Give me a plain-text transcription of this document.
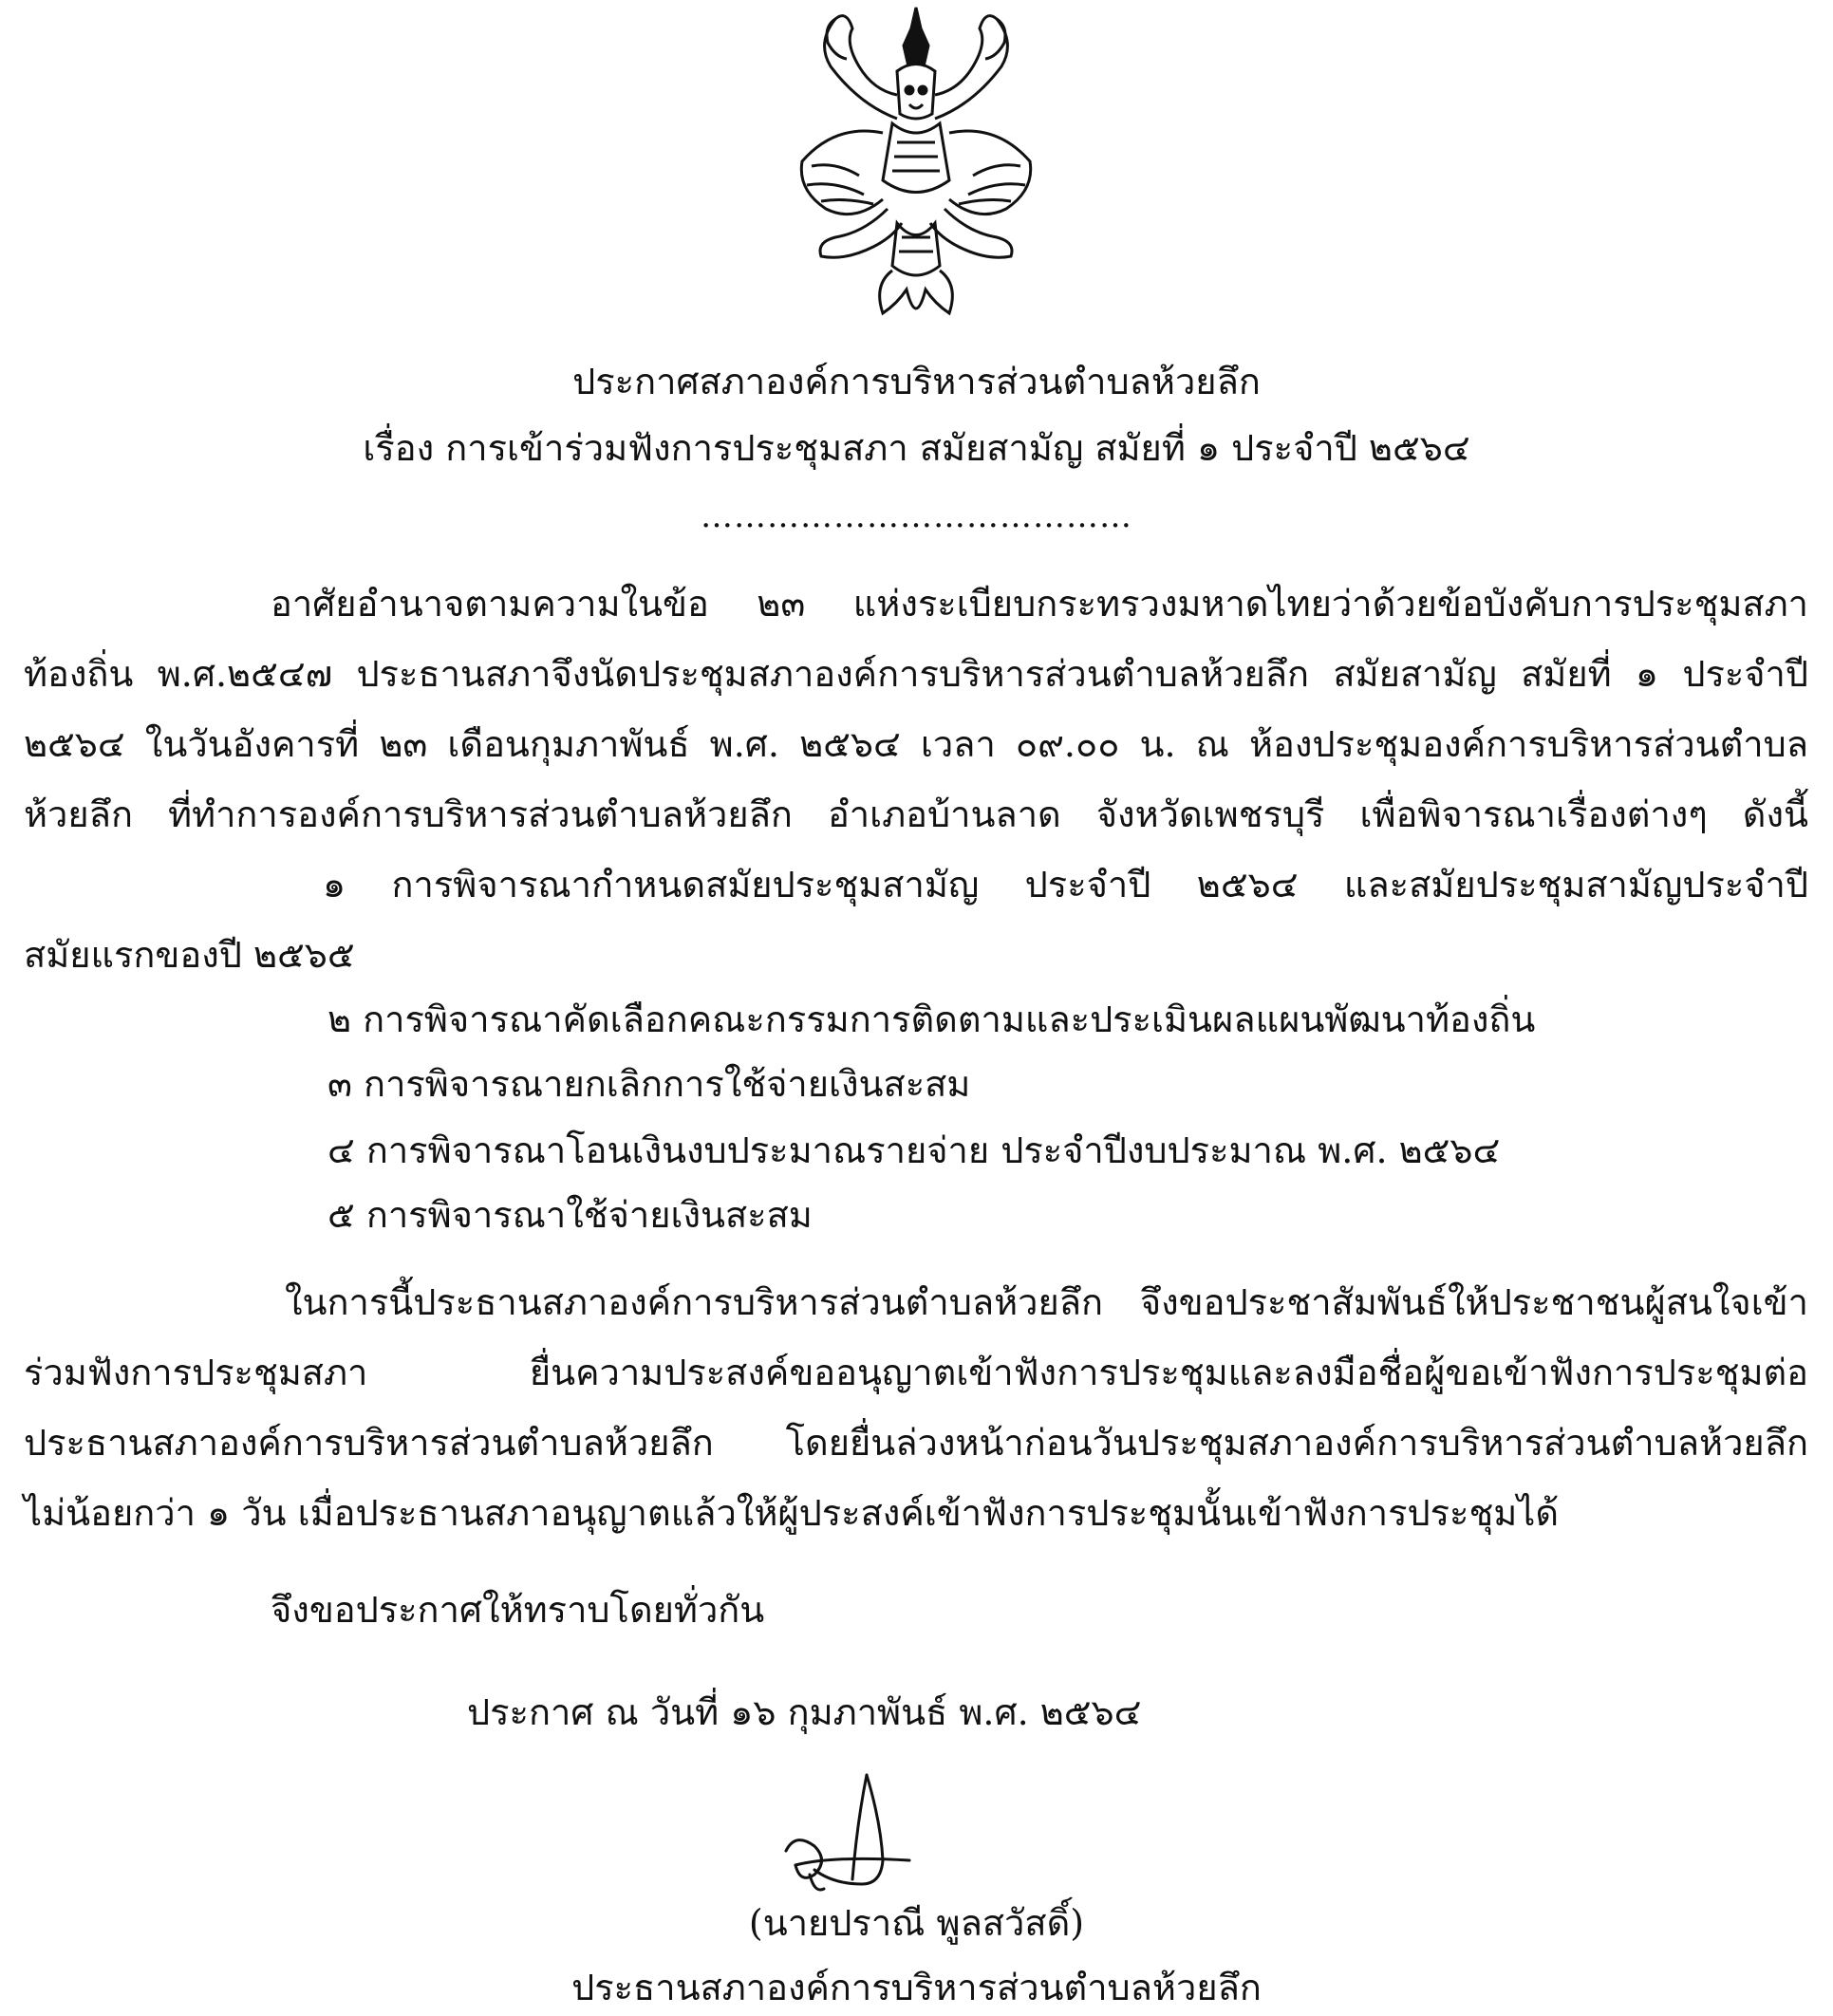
ประกาศสภาองค์การบริหารส่วนตำบลห้วยลึก
เรื่อง การเข้าร่วมฟังการประชุมสภา สมัยสามัญ สมัยที่ ๑ ประจำปี ๒๕๖๔
…………………………………
อาศัยอำนาจตามความในข้อ ๒๓ แห่งระเบียบกระทรวงมหาดไทยว่าด้วยข้อบังคับการประชุมสภา
ท้องถิ่น พ.ศ.๒๕๔๗ ประธานสภาจึงนัดประชุมสภาองค์การบริหารส่วนตำบลห้วยลึก สมัยสามัญ สมัยที่ ๑ ประจำปี
๒๕๖๔ ในวันอังคารที่ ๒๓ เดือนกุมภาพันธ์ พ.ศ. ๒๕๖๔ เวลา ๐๙.๐๐ น. ณ ห้องประชุมองค์การบริหารส่วนตำบล
ห้วยลึก ที่ทำการองค์การบริหารส่วนตำบลห้วยลึก อำเภอบ้านลาด จังหวัดเพชรบุรี เพื่อพิจารณาเรื่องต่างๆ ดังนี้
๑ การพิจารณากำหนดสมัยประชุมสามัญ ประจำปี ๒๕๖๔ และสมัยประชุมสามัญประจำปี
สมัยแรกของปี ๒๕๖๕
๒ การพิจารณาคัดเลือกคณะกรรมการติดตามและประเมินผลแผนพัฒนาท้องถิ่น
๓ การพิจารณายกเลิกการใช้จ่ายเงินสะสม
๔ การพิจารณาโอนเงินงบประมาณรายจ่าย ประจำปีงบประมาณ พ.ศ. ๒๕๖๔
๕ การพิจารณาใช้จ่ายเงินสะสม
ในการนี้ประธานสภาองค์การบริหารส่วนตำบลห้วยลึก จึงขอประชาสัมพันธ์ให้ประชาชนผู้สนใจเข้า
ร่วมฟังการประชุมสภา ยื่นความประสงค์ขออนุญาตเข้าฟังการประชุมและลงมือชื่อผู้ขอเข้าฟังการประชุมต่อ
ประธานสภาองค์การบริหารส่วนตำบลห้วยลึก โดยยื่นล่วงหน้าก่อนวันประชุมสภาองค์การบริหารส่วนตำบลห้วยลึก
ไม่น้อยกว่า ๑ วัน เมื่อประธานสภาอนุญาตแล้วให้ผู้ประสงค์เข้าฟังการประชุมนั้นเข้าฟังการประชุมได้
จึงขอประกาศให้ทราบโดยทั่วกัน
ประกาศ ณ วันที่ ๑๖ กุมภาพันธ์ พ.ศ. ๒๕๖๔
(นายปราณี พูลสวัสดิ์)
ประธานสภาองค์การบริหารส่วนตำบลห้วยลึก
